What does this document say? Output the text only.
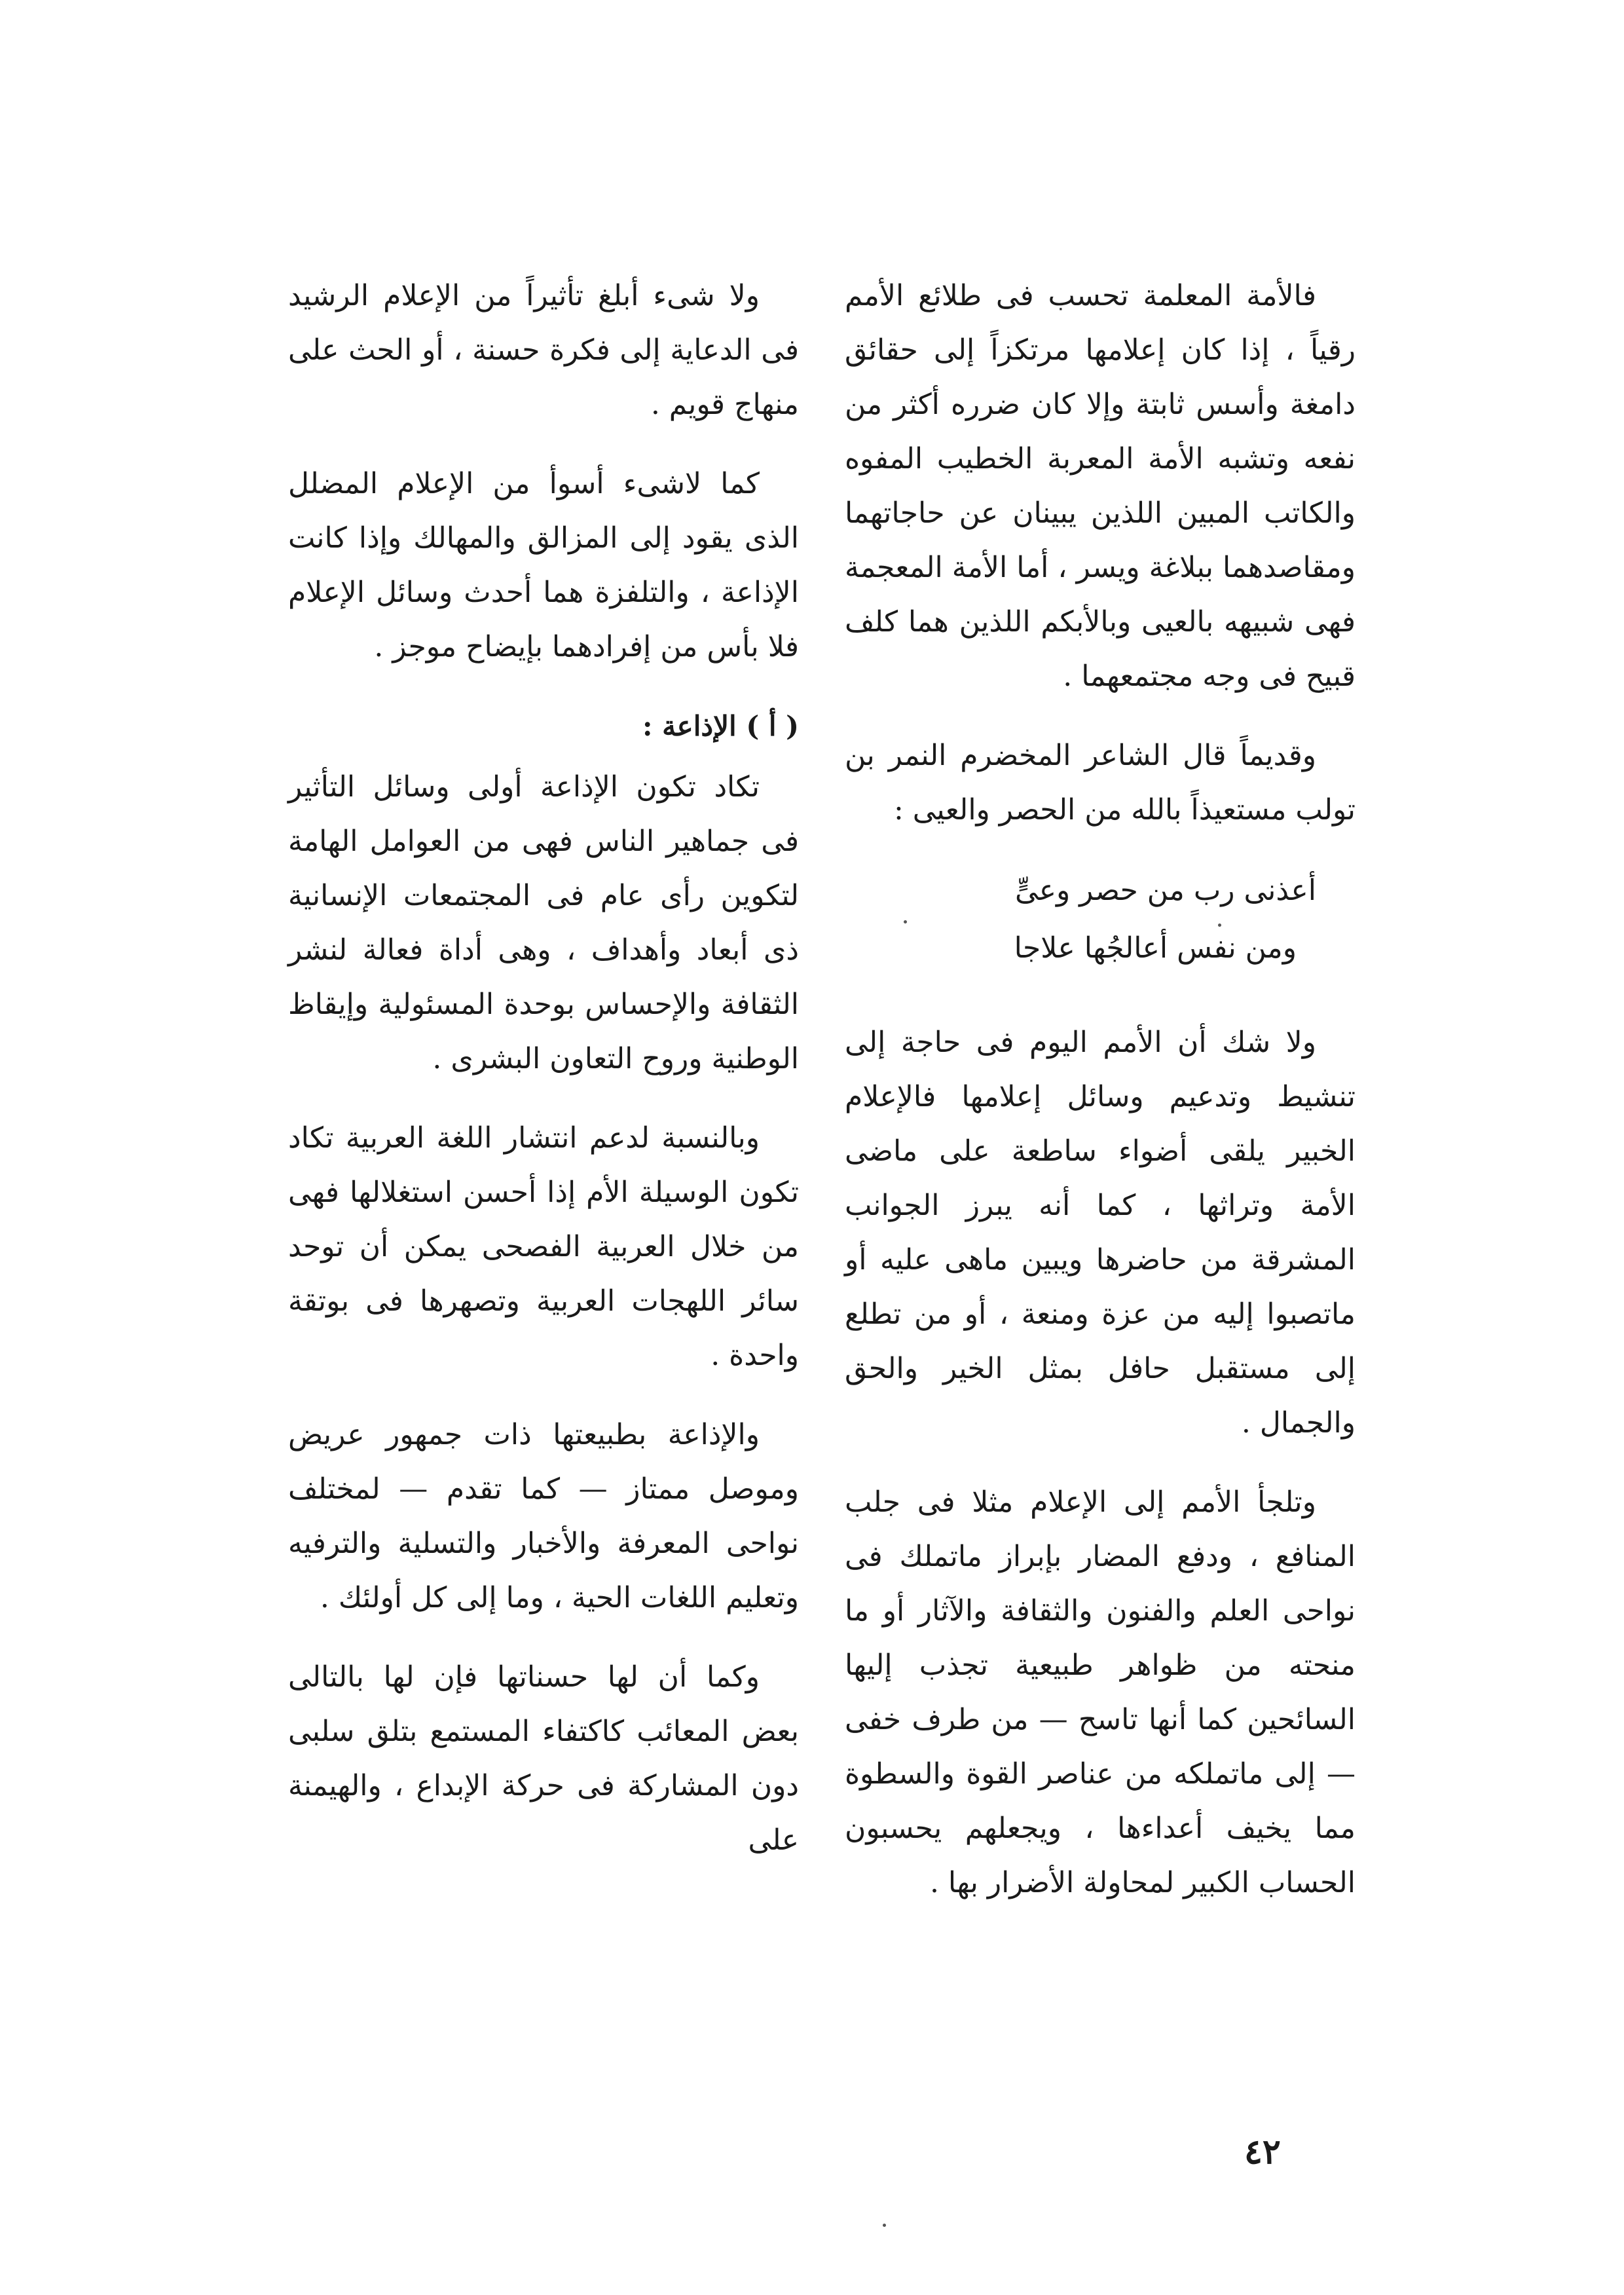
فالأمة المعلمة تحسب فى طلائع الأمم رقياً ، إذا كان إعلامها مرتكزاً إلى حقائق دامغة وأسس ثابتة وإلا كان ضرره أكثر من نفعه وتشبه الأمة المعربة الخطيب المفوه والكاتب المبين اللذين يبينان عن حاجاتهما ومقاصدهما ببلاغة ويسر ، أما الأمة المعجمة فهى شبيهه بالعيى وبالأبكم اللذين هما كلف قبيح فى وجه مجتمعهما .

وقديماً قال الشاعر المخضرم النمر بن تولب مستعيذاً بالله من الحصر والعيى :

أعذنى رب من حصر وعىٍّ
ومن نفس أعالجُها علاجا

ولا شك أن الأمم اليوم فى حاجة إلى تنشيط وتدعيم وسائل إعلامها فالإعلام الخبير يلقى أضواء ساطعة على ماضى الأمة وتراثها ، كما أنه يبرز الجوانب المشرقة من حاضرها ويبين ماهى عليه أو ماتصبوا إليه من عزة ومنعة ، أو من تطلع إلى مستقبل حافل بمثل الخير والحق والجمال .

وتلجأ الأمم إلى الإعلام مثلا فى جلب المنافع ، ودفع المضار بإبراز ماتملك فى نواحى العلم والفنون والثقافة والآثار أو ما منحته من ظواهر طبيعية تجذب إليها السائحين كما أنها تاسح — من طرف خفى — إلى ماتملكه من عناصر القوة والسطوة مما يخيف أعداءها ، ويجعلهم يحسبون الحساب الكبير لمحاولة الأضرار بها .

ولا شىء أبلغ تأثيراً من الإعلام الرشيد فى الدعاية إلى فكرة حسنة ، أو الحث على منهاج قويم .

كما لاشىء أسوأ من الإعلام المضلل الذى يقود إلى المزالق والمهالك وإذا كانت الإذاعة ، والتلفزة هما أحدث وسائل الإعلام فلا بأس من إفرادهما بإيضاح موجز .

( أ ) الإذاعة :

تكاد تكون الإذاعة أولى وسائل التأثير فى جماهير الناس فهى من العوامل الهامة لتكوين رأى عام فى المجتمعات الإنسانية ذى أبعاد وأهداف ، وهى أداة فعالة لنشر الثقافة والإحساس بوحدة المسئولية وإيقاظ الوطنية وروح التعاون البشرى .

وبالنسبة لدعم انتشار اللغة العربية تكاد تكون الوسيلة الأم إذا أحسن استغلالها فهى من خلال العربية الفصحى يمكن أن توحد سائر اللهجات العربية وتصهرها فى بوتقة واحدة .

والإذاعة بطبيعتها ذات جمهور عريض وموصل ممتاز — كما تقدم — لمختلف نواحى المعرفة والأخبار والتسلية والترفيه وتعليم اللغات الحية ، وما إلى كل أولئك .

وكما أن لها حسناتها فإن لها بالتالى بعض المعائب كاكتفاء المستمع بتلق سلبى دون المشاركة فى حركة الإبداع ، والهيمنة على

٤٢
